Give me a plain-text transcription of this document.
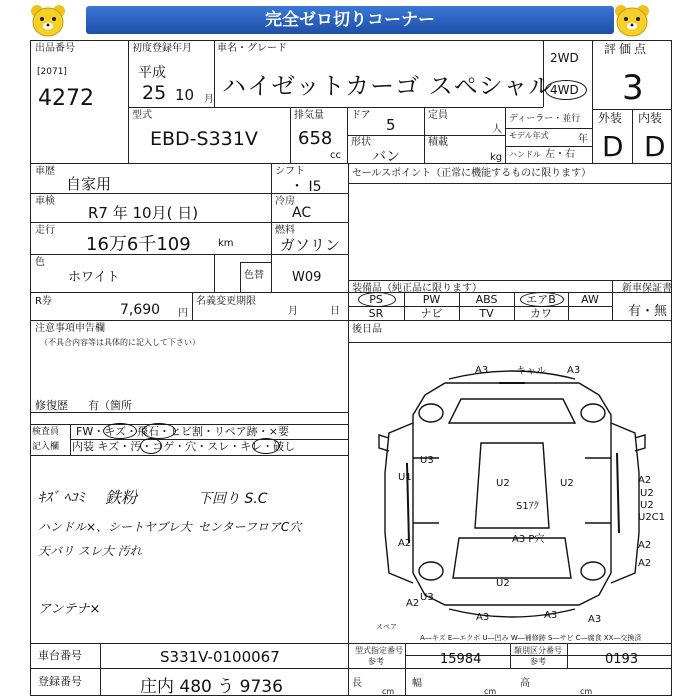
完全ゼロ切りコーナー
出品番号
[2071]
4272
初度登録年月
平成
25 10 月
車名・グレード
ハイゼットカーゴ スペシャル
2WD
4WD
評価点
3
外装 内装
D D
型式
EBD-S331V
排気量
658
cc
ドア
5
形状
バン
定員
人
積載
kg
ディーラー・並行
モデル年式	年
ハンドル 左・右
車歴
自家用
車検
R7 年 10月( 日)
走行
16万6千109	km
色
ホワイト	色替 W09
シフト
・ I5
冷房
AC
燃料
ガソリン
セールスポイント（正常に機能するものに限ります）
R券
7,690 円
名義変更期限
月	日
装備品（純正品に限ります）
PS	PW	ABS	エアB	AW
SR	ナビ	TV	カワ
新車保証書
有・無
注意事項申告欄
（不具合内容等は具体的に記入して下さい）
後日品
修復歴 有（箇所
検査員
記入欄
FW・キズ・飛石・ヒビ割・リペア跡・×要
内装 キズ・汚・コゲ・穴・スレ・キレ・破し
ｷｽﾞ ﾍｺﾐ 鉄粉	下回り S.C
ハンドル×、シートヤブレ大 センターフロアC穴
天バリ スレ大 汚れ
アンテナ×
A3	キャル A3
U3
U1
A2
U3
A2
U2
U2
U2C1
A2
A2
U2	U2
S1ｱｸ
A3 P穴
U2
A3	A3
A2
A3
スペア
A―キズ E―エクボ U―凹み W―補修跡 S―サビ C―腐食 XX―交換済
車台番号	S331V-0100067
登録番号	庄内 480 う 9736
型式指定番号
参考	15984
類別区分番号
参考	0193
長
cm
幅
cm
高
cm
